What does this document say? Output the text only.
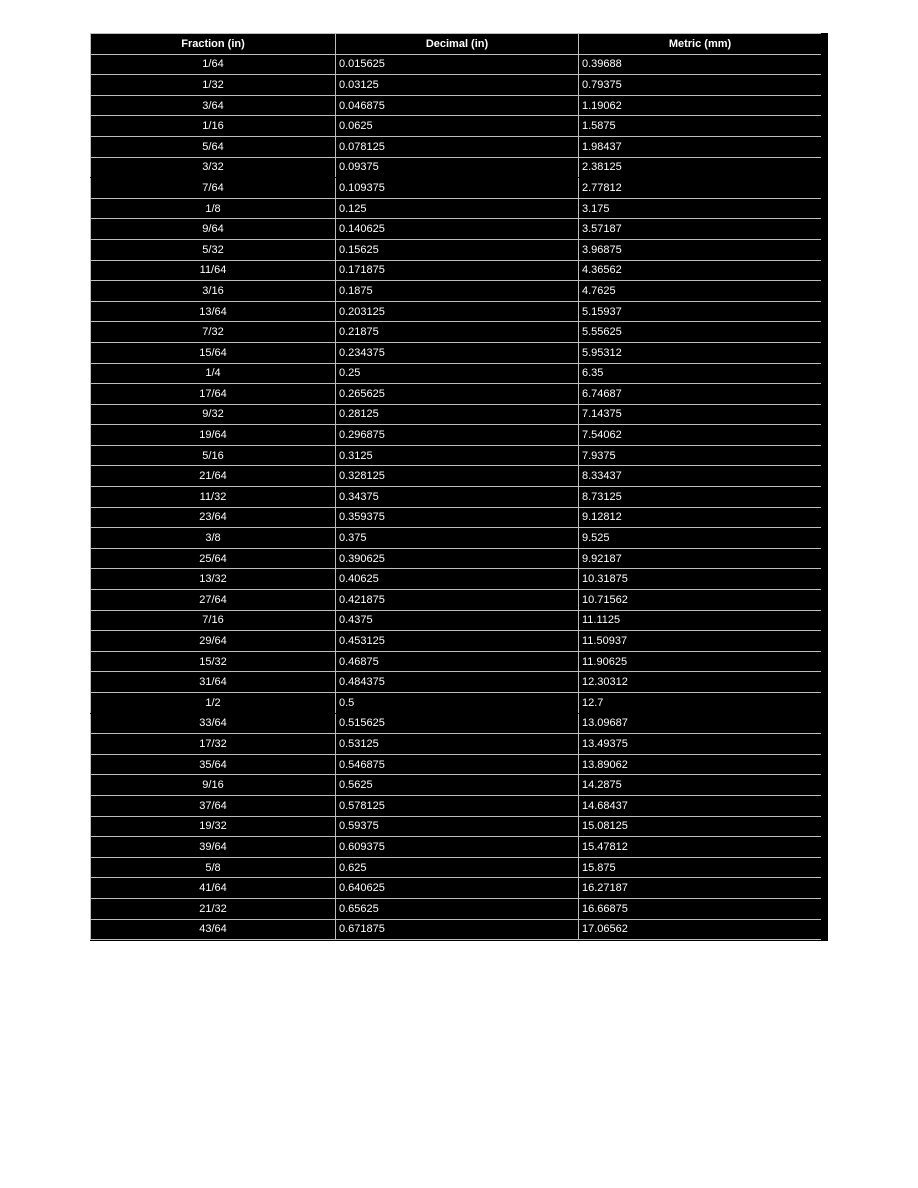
Fraction (in)	Decimal (in)	Metric (mm)
1/64	0.015625	0.39688
1/32	0.03125	0.79375
3/64	0.046875	1.19062
1/16	0.0625	1.5875
5/64	0.078125	1.98437
3/32	0.09375	2.38125
7/64	0.109375	2.77812
1/8	0.125	3.175
9/64	0.140625	3.57187
5/32	0.15625	3.96875
11/64	0.171875	4.36562
3/16	0.1875	4.7625
13/64	0.203125	5.15937
7/32	0.21875	5.55625
15/64	0.234375	5.95312
1/4	0.25	6.35
17/64	0.265625	6.74687
9/32	0.28125	7.14375
19/64	0.296875	7.54062
5/16	0.3125	7.9375
21/64	0.328125	8.33437
11/32	0.34375	8.73125
23/64	0.359375	9.12812
3/8	0.375	9.525
25/64	0.390625	9.92187
13/32	0.40625	10.31875
27/64	0.421875	10.71562
7/16	0.4375	11.1125
29/64	0.453125	11.50937
15/32	0.46875	11.90625
31/64	0.484375	12.30312
1/2	0.5	12.7
33/64	0.515625	13.09687
17/32	0.53125	13.49375
35/64	0.546875	13.89062
9/16	0.5625	14.2875
37/64	0.578125	14.68437
19/32	0.59375	15.08125
39/64	0.609375	15.47812
5/8	0.625	15.875
41/64	0.640625	16.27187
21/32	0.65625	16.66875
43/64	0.671875	17.06562
